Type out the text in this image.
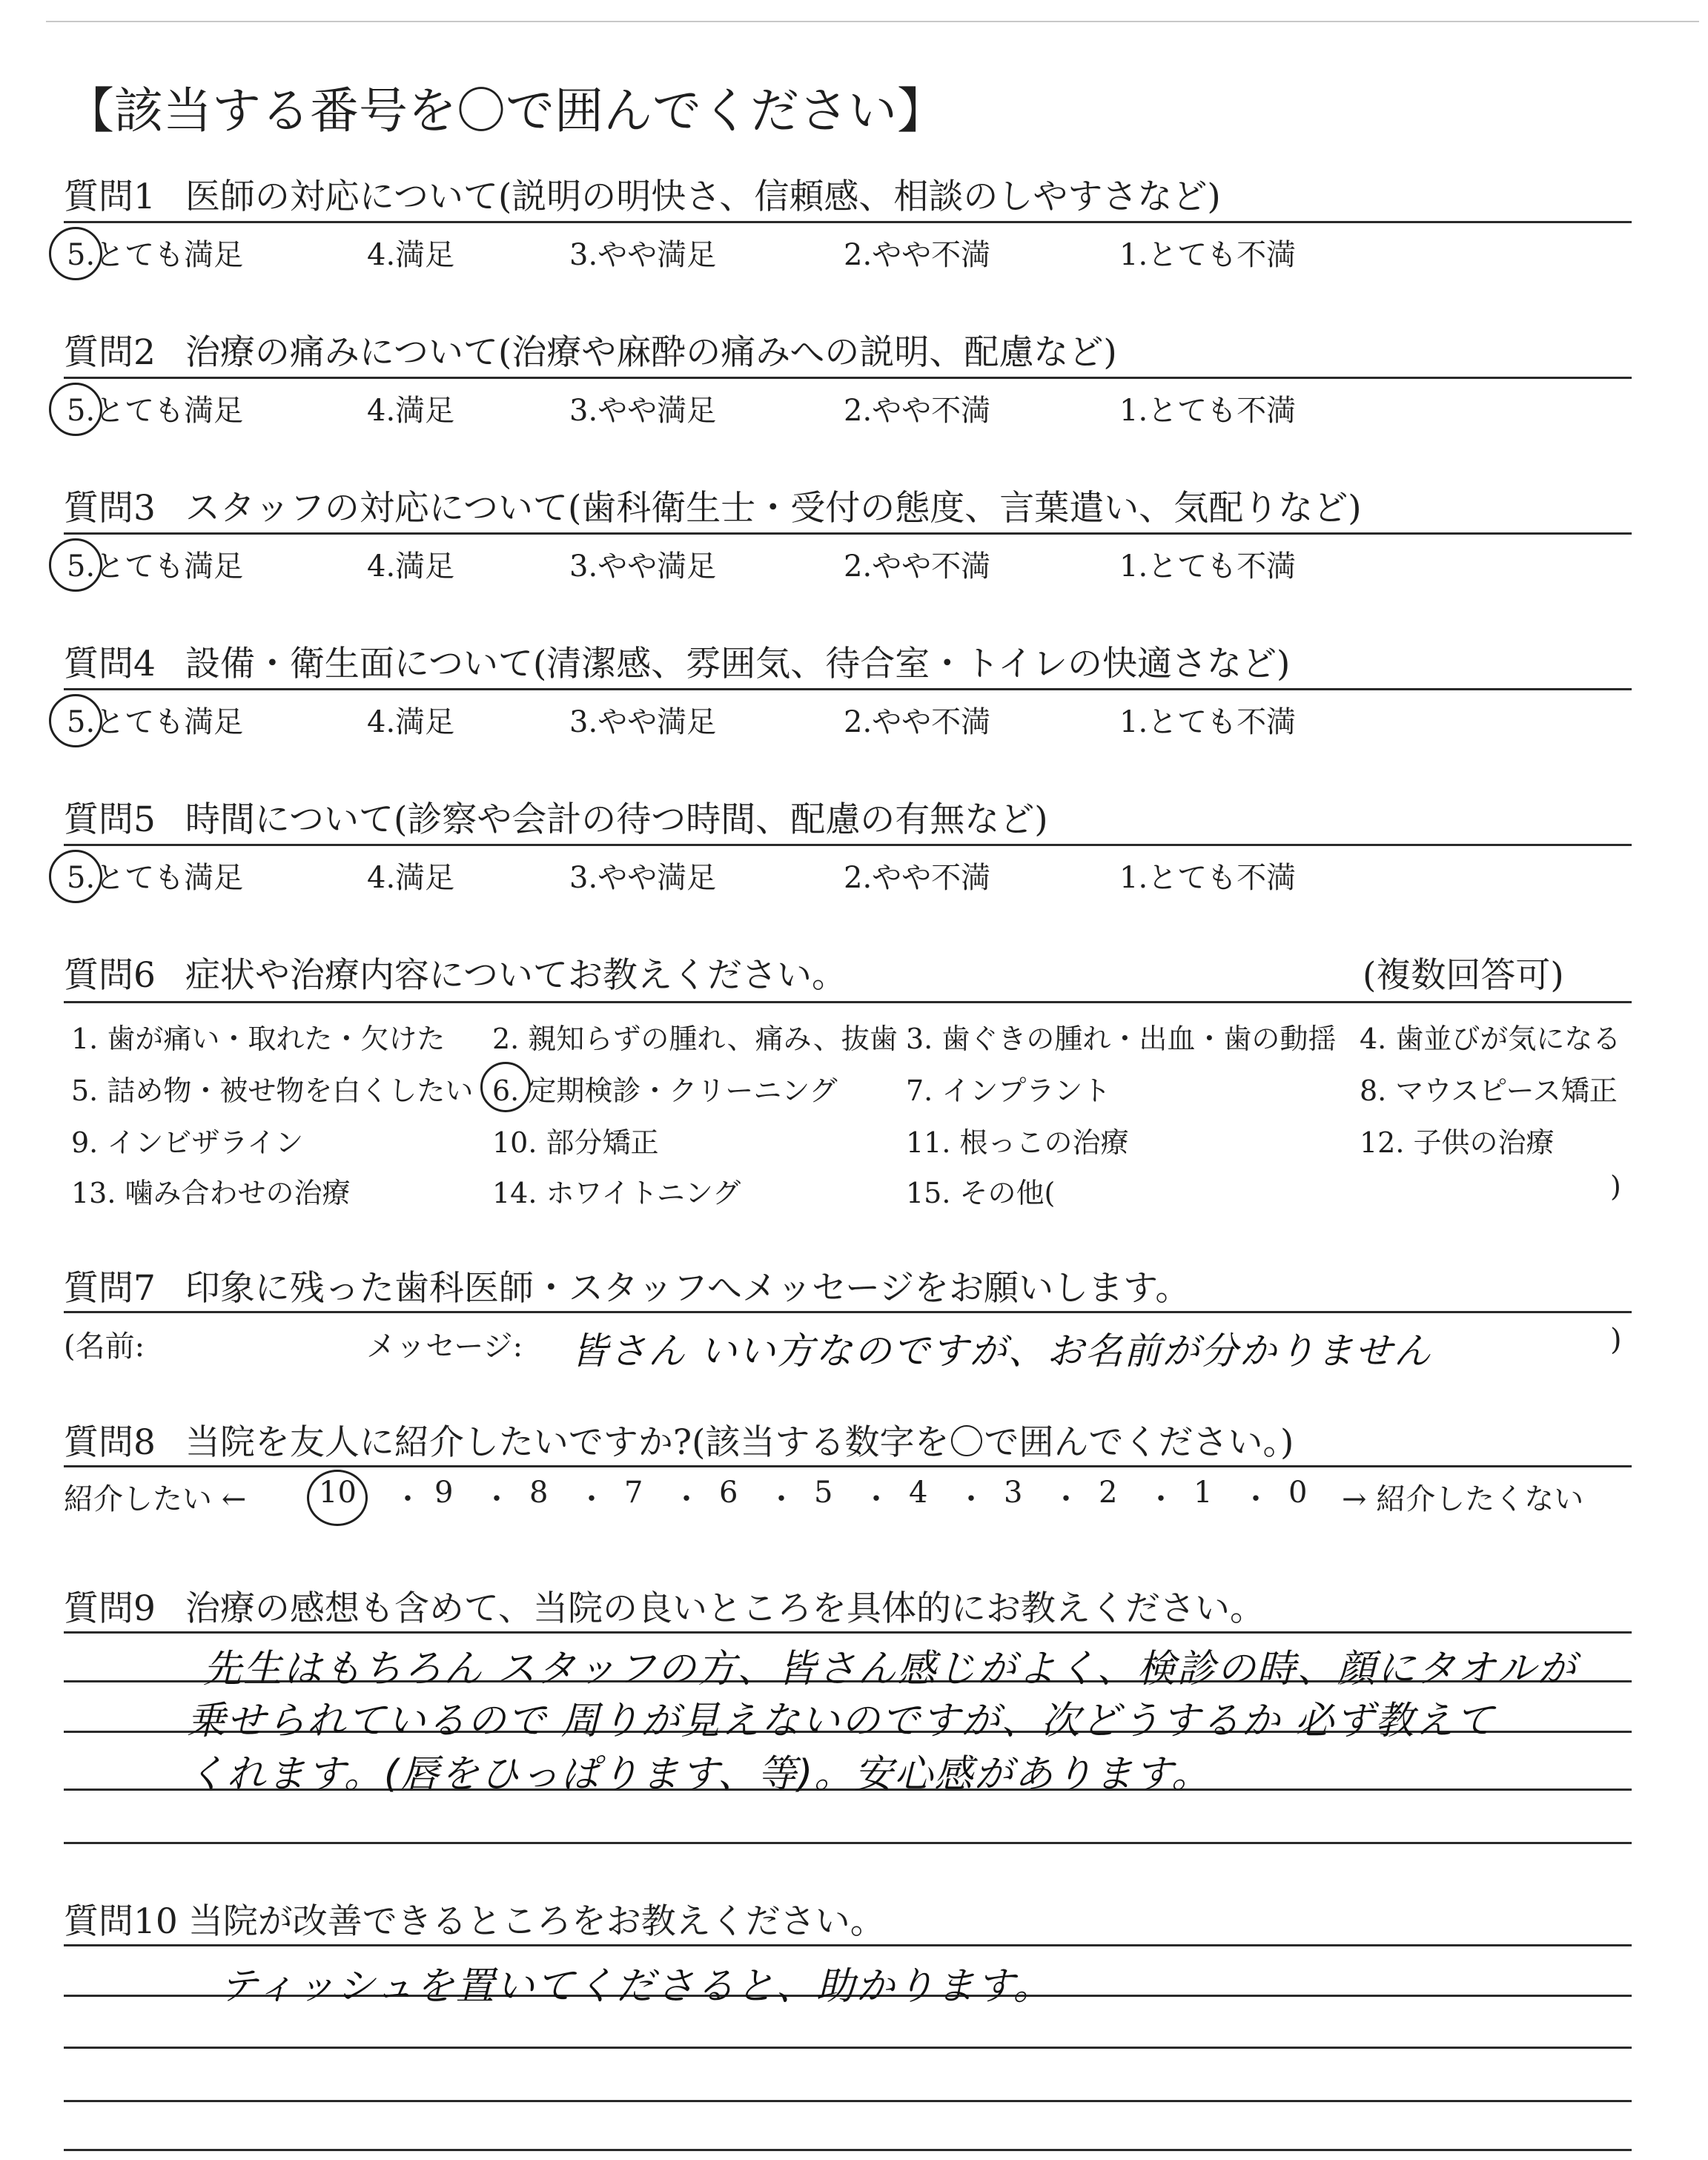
【該当する番号を〇で囲んでください】
質問1 医師の対応について(説明の明快さ、信頼感、相談のしやすさなど)
5.とても満足	4.満足	3.やや満足	2.やや不満	1.とても不満
質問2 治療の痛みについて(治療や麻酔の痛みへの説明、配慮など)
5.とても満足	4.満足	3.やや満足	2.やや不満	1.とても不満
質問3 スタッフの対応について(歯科衛生士・受付の態度、言葉遣い、気配りなど)
5.とても満足	4.満足	3.やや満足	2.やや不満	1.とても不満
質問4 設備・衛生面について(清潔感、雰囲気、待合室・トイレの快適さなど)
5.とても満足	4.満足	3.やや満足	2.やや不満	1.とても不満
質問5 時間について(診察や会計の待つ時間、配慮の有無など)
5.とても満足	4.満足	3.やや満足	2.やや不満	1.とても不満
質問6 症状や治療内容についてお教えください。	(複数回答可)
1. 歯が痛い・取れた・欠けた 2. 親知らずの腫れ、痛み、抜歯 3. 歯ぐきの腫れ・出血・歯の動揺 4. 歯並びが気になる
5. 詰め物・被せ物を白くしたい 6. 定期検診・クリーニング 7. インプラント	8. マウスピース矯正
9. インビザライン	10. 部分矯正	11. 根っこの治療	12. 子供の治療
13. 噛み合わせの治療	14. ホワイトニング	15. その他(	)
質問7 印象に残った歯科医師・スタッフへメッセージをお願いします。
(名前:	メッセージ: 皆さん いい方なのですが、お名前が分かりません	)
質問8 当院を友人に紹介したいですか?(該当する数字を〇で囲んでください。)
紹介したい ← 10 ・ 9 ・ 8 ・ 7 ・ 6 ・ 5 ・ 4 ・ 3 ・ 2 ・ 1 ・ 0 → 紹介したくない
質問9 治療の感想も含めて、当院の良いところを具体的にお教えください。
先生はもちろん スタッフの方、皆さん感じがよく、検診の時、顔にタオルが
乗せられているので 周りが見えないのですが、次どうするか 必ず教えて
くれます。(唇をひっぱります、等)。安心感があります。
質問10 当院が改善できるところをお教えください。
ティッシュを置いてくださると、助かります。
